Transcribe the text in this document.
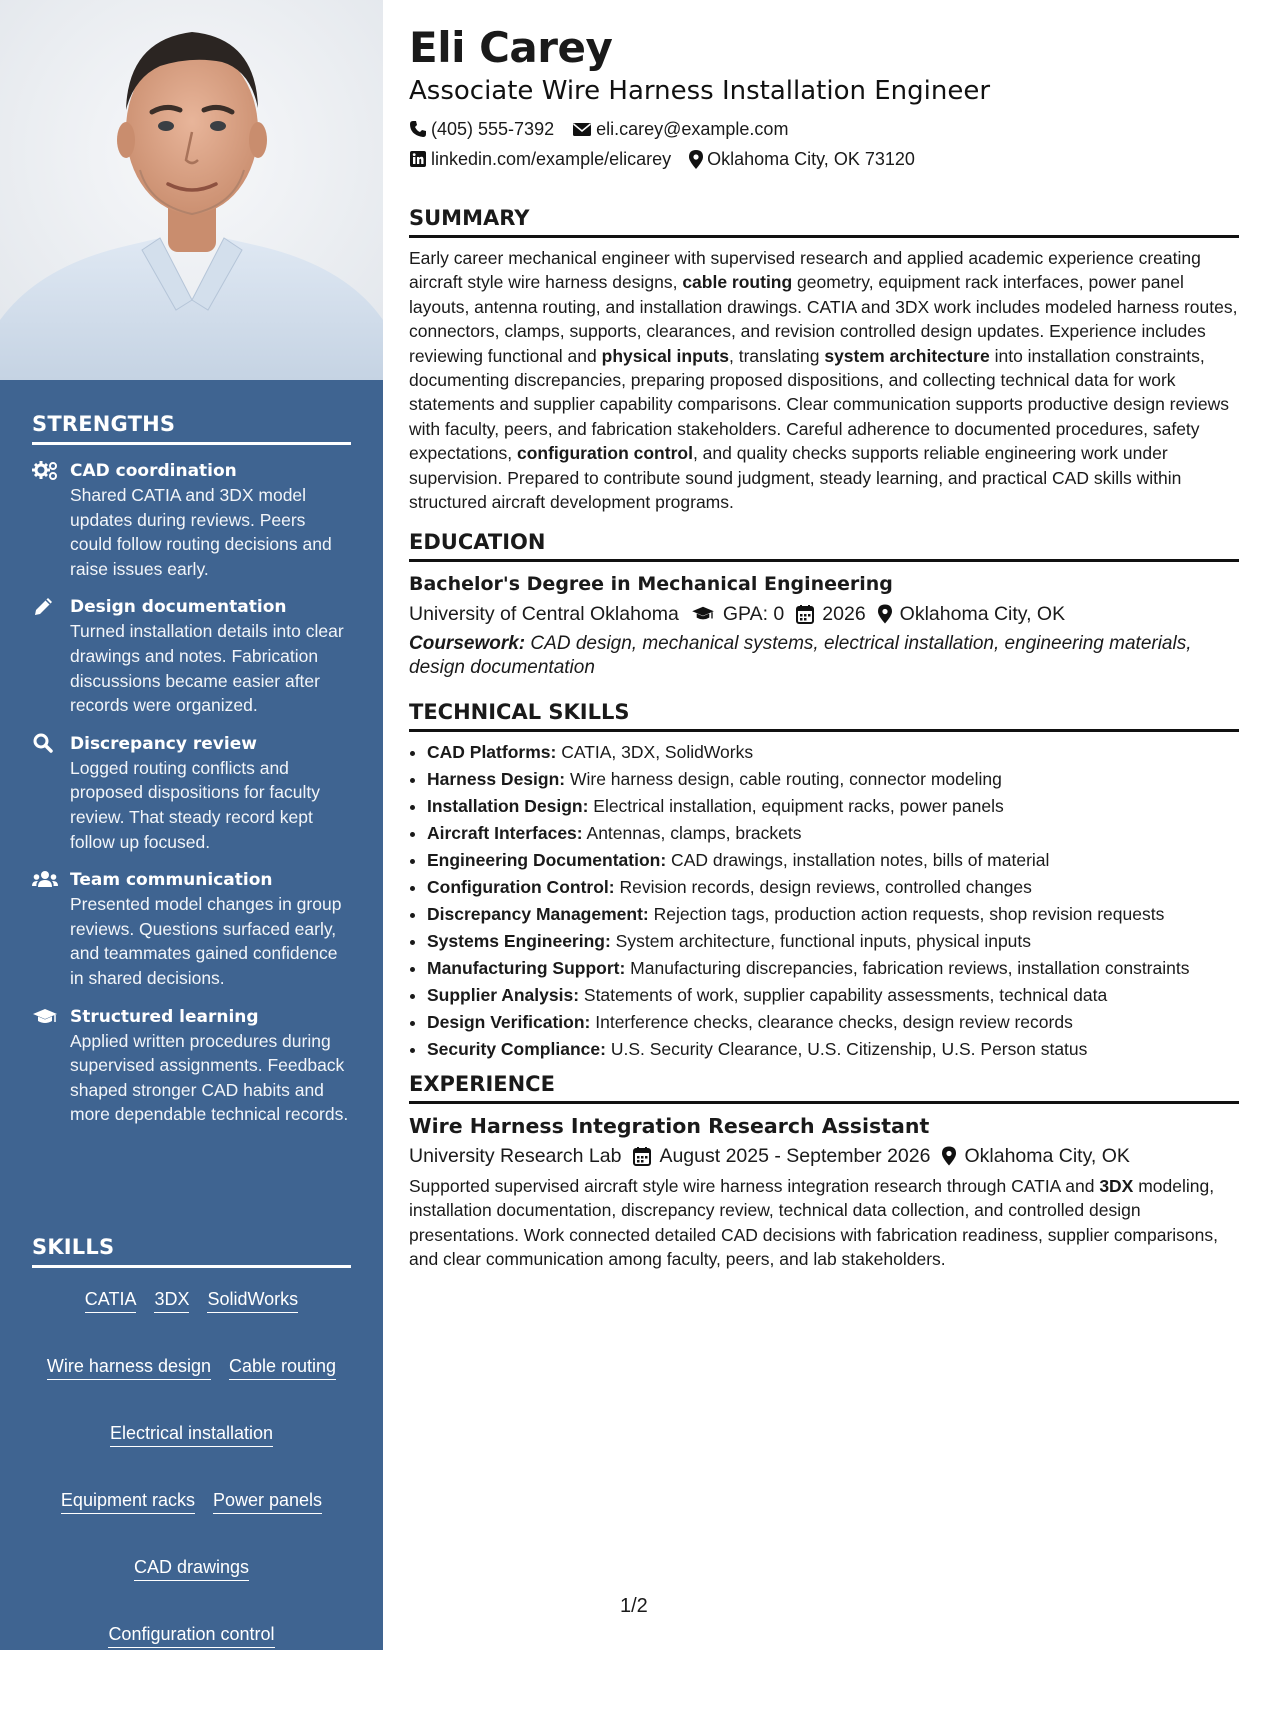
STRENGTHS
CAD coordination
Shared CATIA and 3DX model updates during reviews. Peers could follow routing decisions and raise issues early.
Design documentation
Turned installation details into clear drawings and notes. Fabrication discussions became easier after records were organized.
Discrepancy review
Logged routing conflicts and proposed dispositions for faculty review. That steady record kept follow up focused.
Team communication
Presented model changes in group reviews. Questions surfaced early, and teammates gained confidence in shared decisions.
Structured learning
Applied written procedures during supervised assignments. Feedback shaped stronger CAD habits and more dependable technical records.
SKILLS
CATIA 3DX SolidWorks
Wire harness design Cable routing
Electrical installation
Equipment racks Power panels
CAD drawings
Configuration control
Discrepancy disposition
Eli Carey
Associate Wire Harness Installation Engineer
(405) 555-7392 eli.carey@example.com
linkedin.com/example/elicarey Oklahoma City, OK 73120
SUMMARY

Early career mechanical engineer with supervised research and applied academic experience creating aircraft style wire harness designs, cable routing geometry, equipment rack interfaces, power panel layouts, antenna routing, and installation drawings. CATIA and 3DX work includes modeled harness routes, connectors, clamps, supports, clearances, and revision controlled design updates. Experience includes reviewing functional and physical inputs, translating system architecture into installation constraints, documenting discrepancies, preparing proposed dispositions, and collecting technical data for work statements and supplier capability comparisons. Clear communication supports productive design reviews with faculty, peers, and fabrication stakeholders. Careful adherence to documented procedures, safety expectations, configuration control, and quality checks supports reliable engineering work under supervision. Prepared to contribute sound judgment, steady learning, and practical CAD skills within structured aircraft development programs.

EDUCATION
Bachelor's Degree in Mechanical Engineering
University of Central Oklahoma GPA: 0 2026 Oklahoma City, OK
Coursework: CAD design, mechanical systems, electrical installation, engineering materials, design documentation
TECHNICAL SKILLS
• CAD Platforms: CATIA, 3DX, SolidWorks
• Harness Design: Wire harness design, cable routing, connector modeling
• Installation Design: Electrical installation, equipment racks, power panels
• Aircraft Interfaces: Antennas, clamps, brackets
• Engineering Documentation: CAD drawings, installation notes, bills of material
• Configuration Control: Revision records, design reviews, controlled changes
• Discrepancy Management: Rejection tags, production action requests, shop revision requests
• Systems Engineering: System architecture, functional inputs, physical inputs
• Manufacturing Support: Manufacturing discrepancies, fabrication reviews, installation constraints
• Supplier Analysis: Statements of work, supplier capability assessments, technical data
• Design Verification: Interference checks, clearance checks, design review records
• Security Compliance: U.S. Security Clearance, U.S. Citizenship, U.S. Person status
EXPERIENCE
Wire Harness Integration Research Assistant
University Research Lab August 2025 - September 2026 Oklahoma City, OK
Supported supervised aircraft style wire harness integration research through CATIA and 3DX modeling, installation documentation, discrepancy review, technical data collection, and controlled design presentations. Work connected detailed CAD decisions with fabrication readiness, supplier comparisons, and clear communication among faculty, peers, and lab stakeholders.
1/2
